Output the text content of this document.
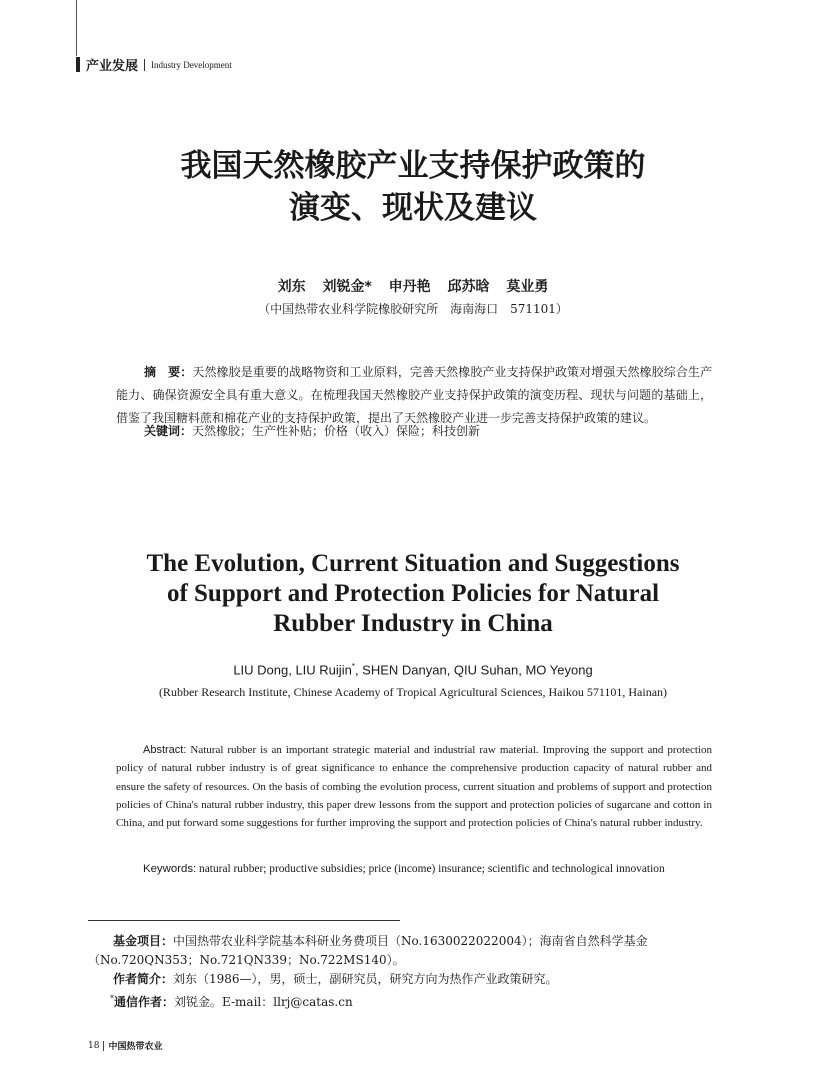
产业发展 Industry Development
我国天然橡胶产业支持保护政策的
演变、现状及建议
刘东 刘锐金* 申丹艳 邱苏晗 莫业勇
（中国热带农业科学院橡胶研究所　海南海口　571101）
摘　要：天然橡胶是重要的战略物资和工业原料，完善天然橡胶产业支持保护政策对增强天然橡胶综合生产能力、确保资源安全具有重大意义。在梳理我国天然橡胶产业支持保护政策的演变历程、现状与问题的基础上，借鉴了我国糖料蔗和棉花产业的支持保护政策，提出了天然橡胶产业进一步完善支持保护政策的建议。
关键词：天然橡胶；生产性补贴；价格（收入）保险；科技创新
The Evolution, Current Situation and Suggestions
of Support and Protection Policies for Natural
Rubber Industry in China
LIU Dong, LIU Ruijin*, SHEN Danyan, QIU Suhan, MO Yeyong
(Rubber Research Institute, Chinese Academy of Tropical Agricultural Sciences, Haikou 571101, Hainan)
Abstract: Natural rubber is an important strategic material and industrial raw material. Improving the support and protection policy of natural rubber industry is of great significance to enhance the comprehensive production capacity of natural rubber and ensure the safety of resources. On the basis of combing the evolution process, current situation and problems of support and protection policies of China's natural rubber industry, this paper drew lessons from the support and protection policies of sugarcane and cotton in China, and put forward some suggestions for further improving the support and protection policies of China's natural rubber industry.
Keywords: natural rubber; productive subsidies; price (income) insurance; scientific and technological innovation
基金项目：中国热带农业科学院基本科研业务费项目（No.1630022022004）；海南省自然科学基金（No.720QN353；No.721QN339；No.722MS140）。
作者简介：刘东（1986—），男，硕士，副研究员，研究方向为热作产业政策研究。
*通信作者：刘锐金。E-mail：llrj@catas.cn
18 中国热带农业
